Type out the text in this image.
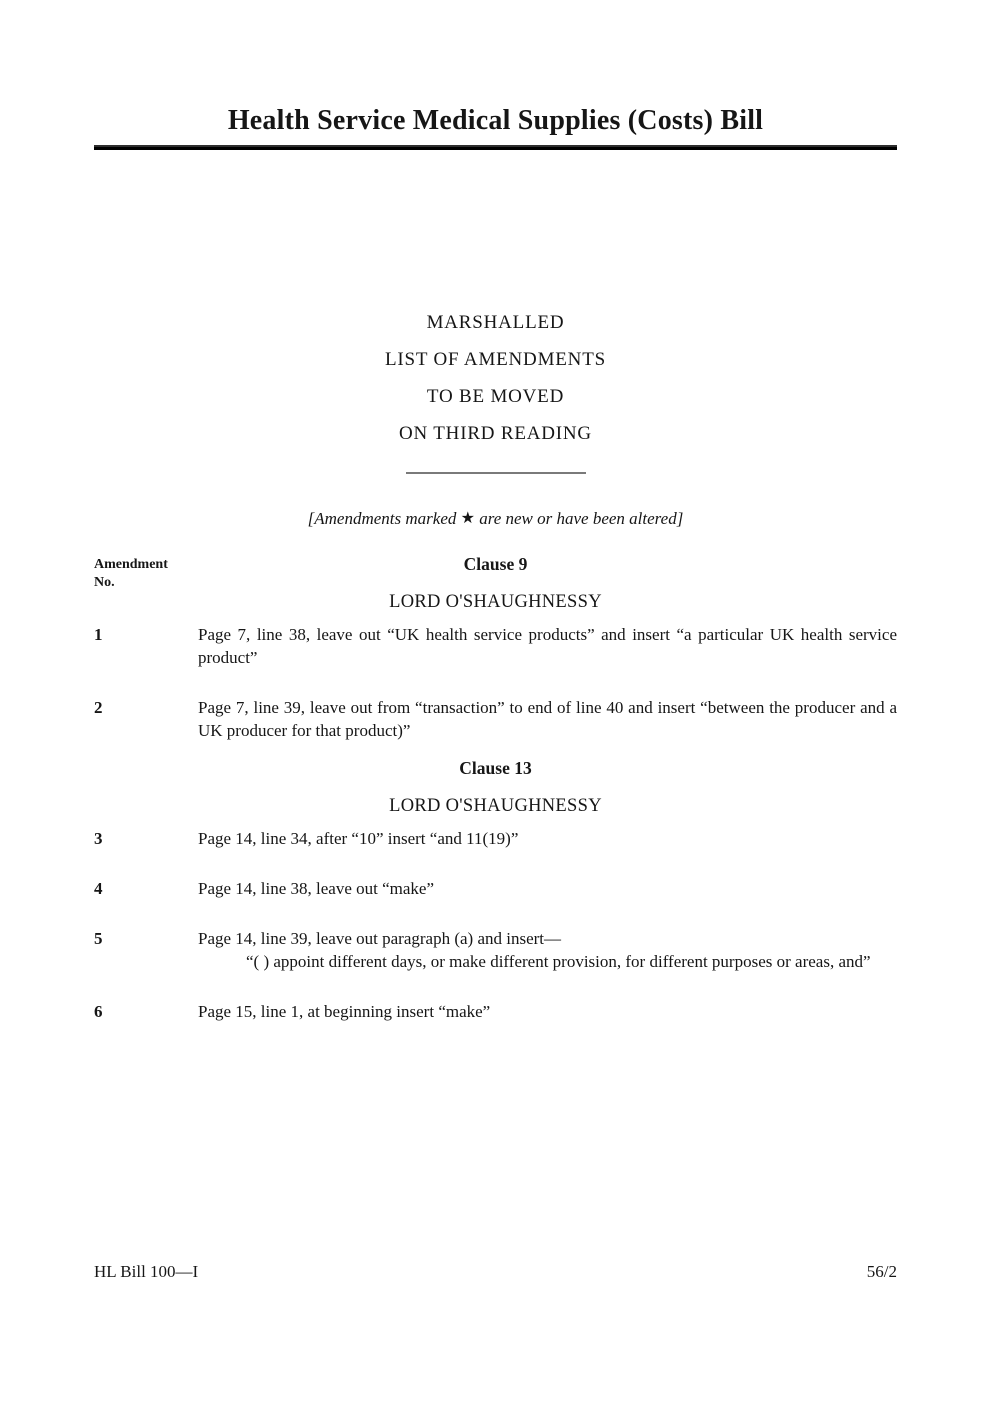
Health Service Medical Supplies (Costs) Bill
MARSHALLED
LIST OF AMENDMENTS
TO BE MOVED
ON THIRD READING
[Amendments marked ★ are new or have been altered]
Amendment
No.
Clause 9
LORD O'SHAUGHNESSY
1	Page 7, line 38, leave out “UK health service products” and insert “a particular UK health service product”
2	Page 7, line 39, leave out from “transaction” to end of line 40 and insert “between the producer and a UK producer for that product)”
Clause 13
LORD O'SHAUGHNESSY
3	Page 14, line 34, after “10” insert “and 11(19)”
4	Page 14, line 38, leave out “make”
5	Page 14, line 39, leave out paragraph (a) and insert—
“( ) appoint different days, or make different provision, for different purposes or areas, and”
6	Page 15, line 1, at beginning insert “make”
HL Bill 100—I	56/2
